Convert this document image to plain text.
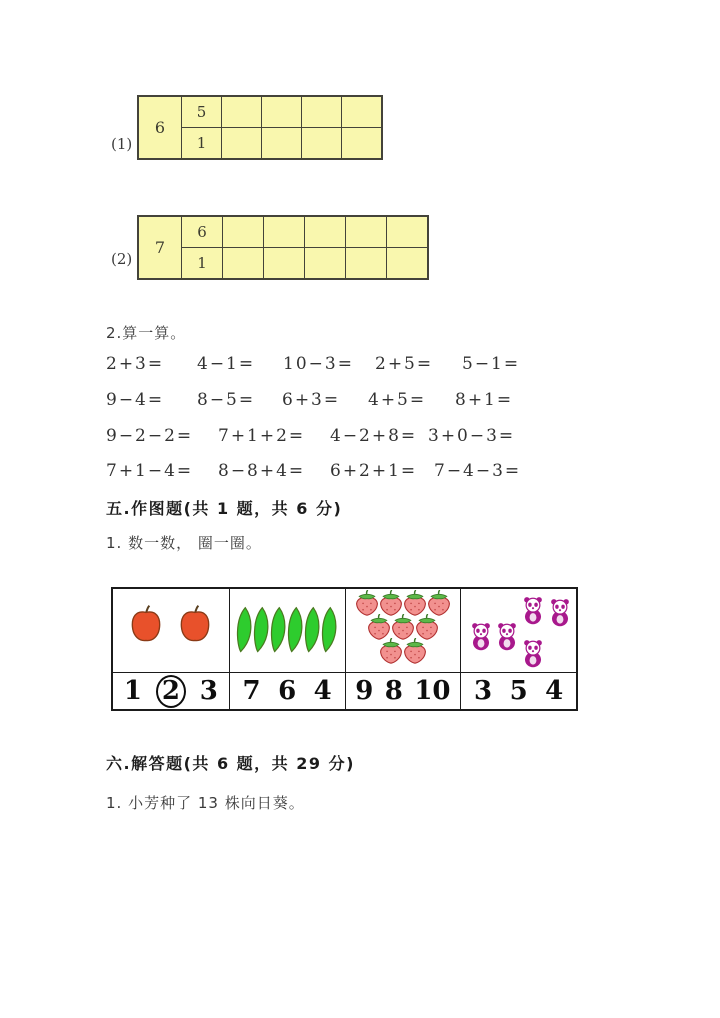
(1)
6
5
1
(2)
7
6
1
2.算一算。
2+3= 4−1= 10−3= 2+5= 5−1=
9−4= 8−5= 6+3= 4+5= 8+1=
9−2−2= 7+1+2= 4−2+8= 3+0−3=
7+1−4= 8−8+4= 6+2+1= 7−4−3=
五.作图题(共 1 题，共 6 分)
1. 数一数， 圈一圈。
1 2 3 7 6 4 9 8 10 3 5 4
六.解答题(共 6 题，共 29 分)
1. 小芳种了 13 株向日葵。
